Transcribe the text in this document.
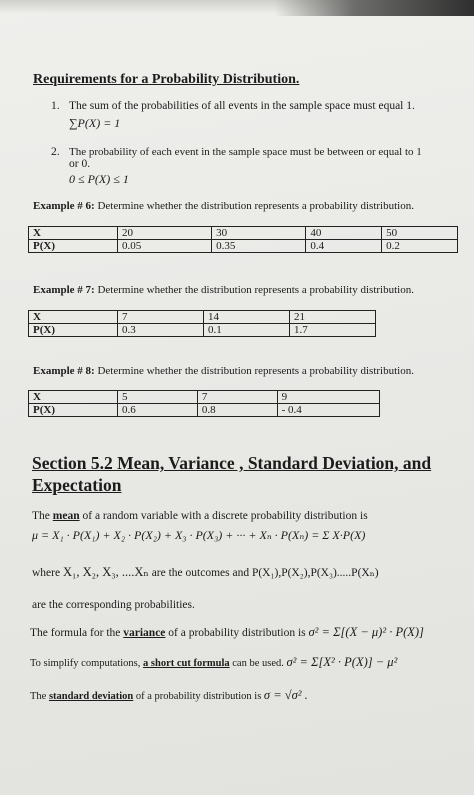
Requirements for a Probability Distribution.
1. The sum of the probabilities of all events in the sample space must equal 1.
∑P(X) = 1
2. The probability of each event in the sample space must be between or equal to 1
or 0.
0 ≤ P(X) ≤ 1
Example # 6: Determine whether the distribution represents a probability distribution.
X	20	30	40	50
P(X)	0.05	0.35	0.4	0.2
Example # 7: Determine whether the distribution represents a probability distribution.
X	7	14	21
P(X)	0.3	0.1	1.7
Example # 8: Determine whether the distribution represents a probability distribution.
X	5	7	9
P(X)	0.6	0.8	- 0.4
Section 5.2 Mean, Variance , Standard Deviation, and
Expectation
The mean of a random variable with a discrete probability distribution is
μ = X₁ · P(X₁) + X₂ · P(X₂) + X₃ · P(X₃) + ··· + Xₙ · P(Xₙ) = Σ X·P(X)
where X₁, X₂, X₃, ....Xₙ are the outcomes and P(X₁),P(X₂),P(X₃).....P(Xₙ)
are the corresponding probabilities.
The formula for the variance of a probability distribution is σ² = Σ[(X − μ)² · P(X)]
To simplify computations, a short cut formula can be used. σ² = Σ[X² · P(X)] − μ²
The standard deviation of a probability distribution is σ = √σ² .
